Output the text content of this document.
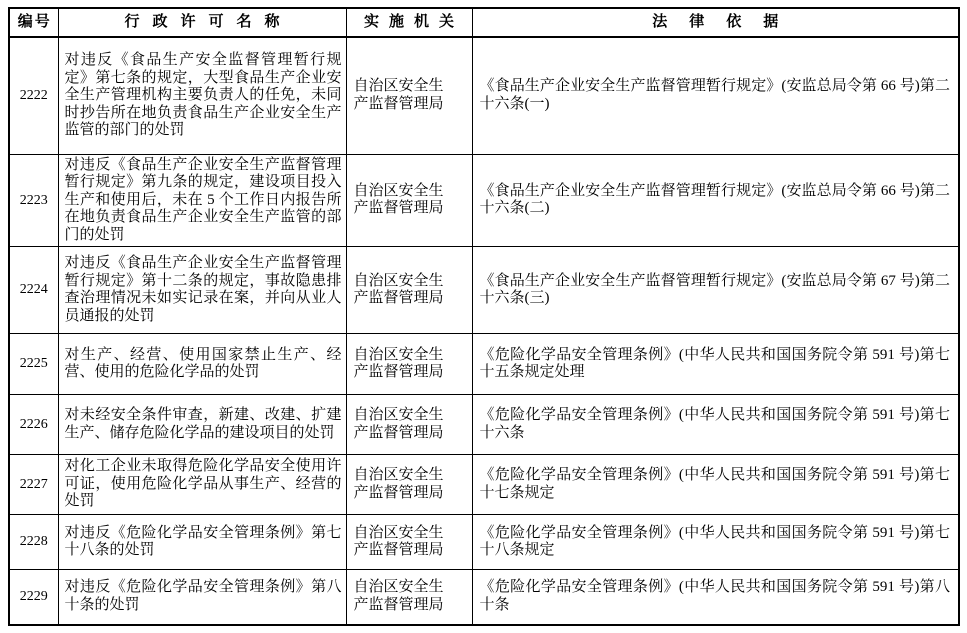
编号	行政许可名称	实施机关	法律依据
2222	对违反《食品生产安全监督管理暂行规定》第七条的规定，大型食品生产企业安全生产管理机构主要负责人的任免，未同时抄告所在地负责食品生产企业安全生产监管的部门的处罚	自治区安全生产监督管理局	《食品生产企业安全生产监督管理暂行规定》(安监总局令第 66 号)第二十六条(一)
2223	对违反《食品生产企业安全生产监督管理暂行规定》第九条的规定，建设项目投入生产和使用后，未在 5 个工作日内报告所在地负责食品生产企业安全生产监管的部门的处罚	自治区安全生产监督管理局	《食品生产企业安全生产监督管理暂行规定》(安监总局令第 66 号)第二十六条(二)
2224	对违反《食品生产企业安全生产监督管理暂行规定》第十二条的规定，事故隐患排查治理情况未如实记录在案，并向从业人员通报的处罚	自治区安全生产监督管理局	《食品生产企业安全生产监督管理暂行规定》(安监总局令第 67 号)第二十六条(三)
2225	对生产、经营、使用国家禁止生产、经营、使用的危险化学品的处罚	自治区安全生产监督管理局	《危险化学品安全管理条例》(中华人民共和国国务院令第 591 号)第七十五条规定处理
2226	对未经安全条件审查，新建、改建、扩建生产、储存危险化学品的建设项目的处罚	自治区安全生产监督管理局	《危险化学品安全管理条例》(中华人民共和国国务院令第 591 号)第七十六条
2227	对化工企业未取得危险化学品安全使用许可证，使用危险化学品从事生产、经营的处罚	自治区安全生产监督管理局	《危险化学品安全管理条例》(中华人民共和国国务院令第 591 号)第七十七条规定
2228	对违反《危险化学品安全管理条例》第七十八条的处罚	自治区安全生产监督管理局	《危险化学品安全管理条例》(中华人民共和国国务院令第 591 号)第七十八条规定
2229	对违反《危险化学品安全管理条例》第八十条的处罚	自治区安全生产监督管理局	《危险化学品安全管理条例》(中华人民共和国国务院令第 591 号)第八十条
